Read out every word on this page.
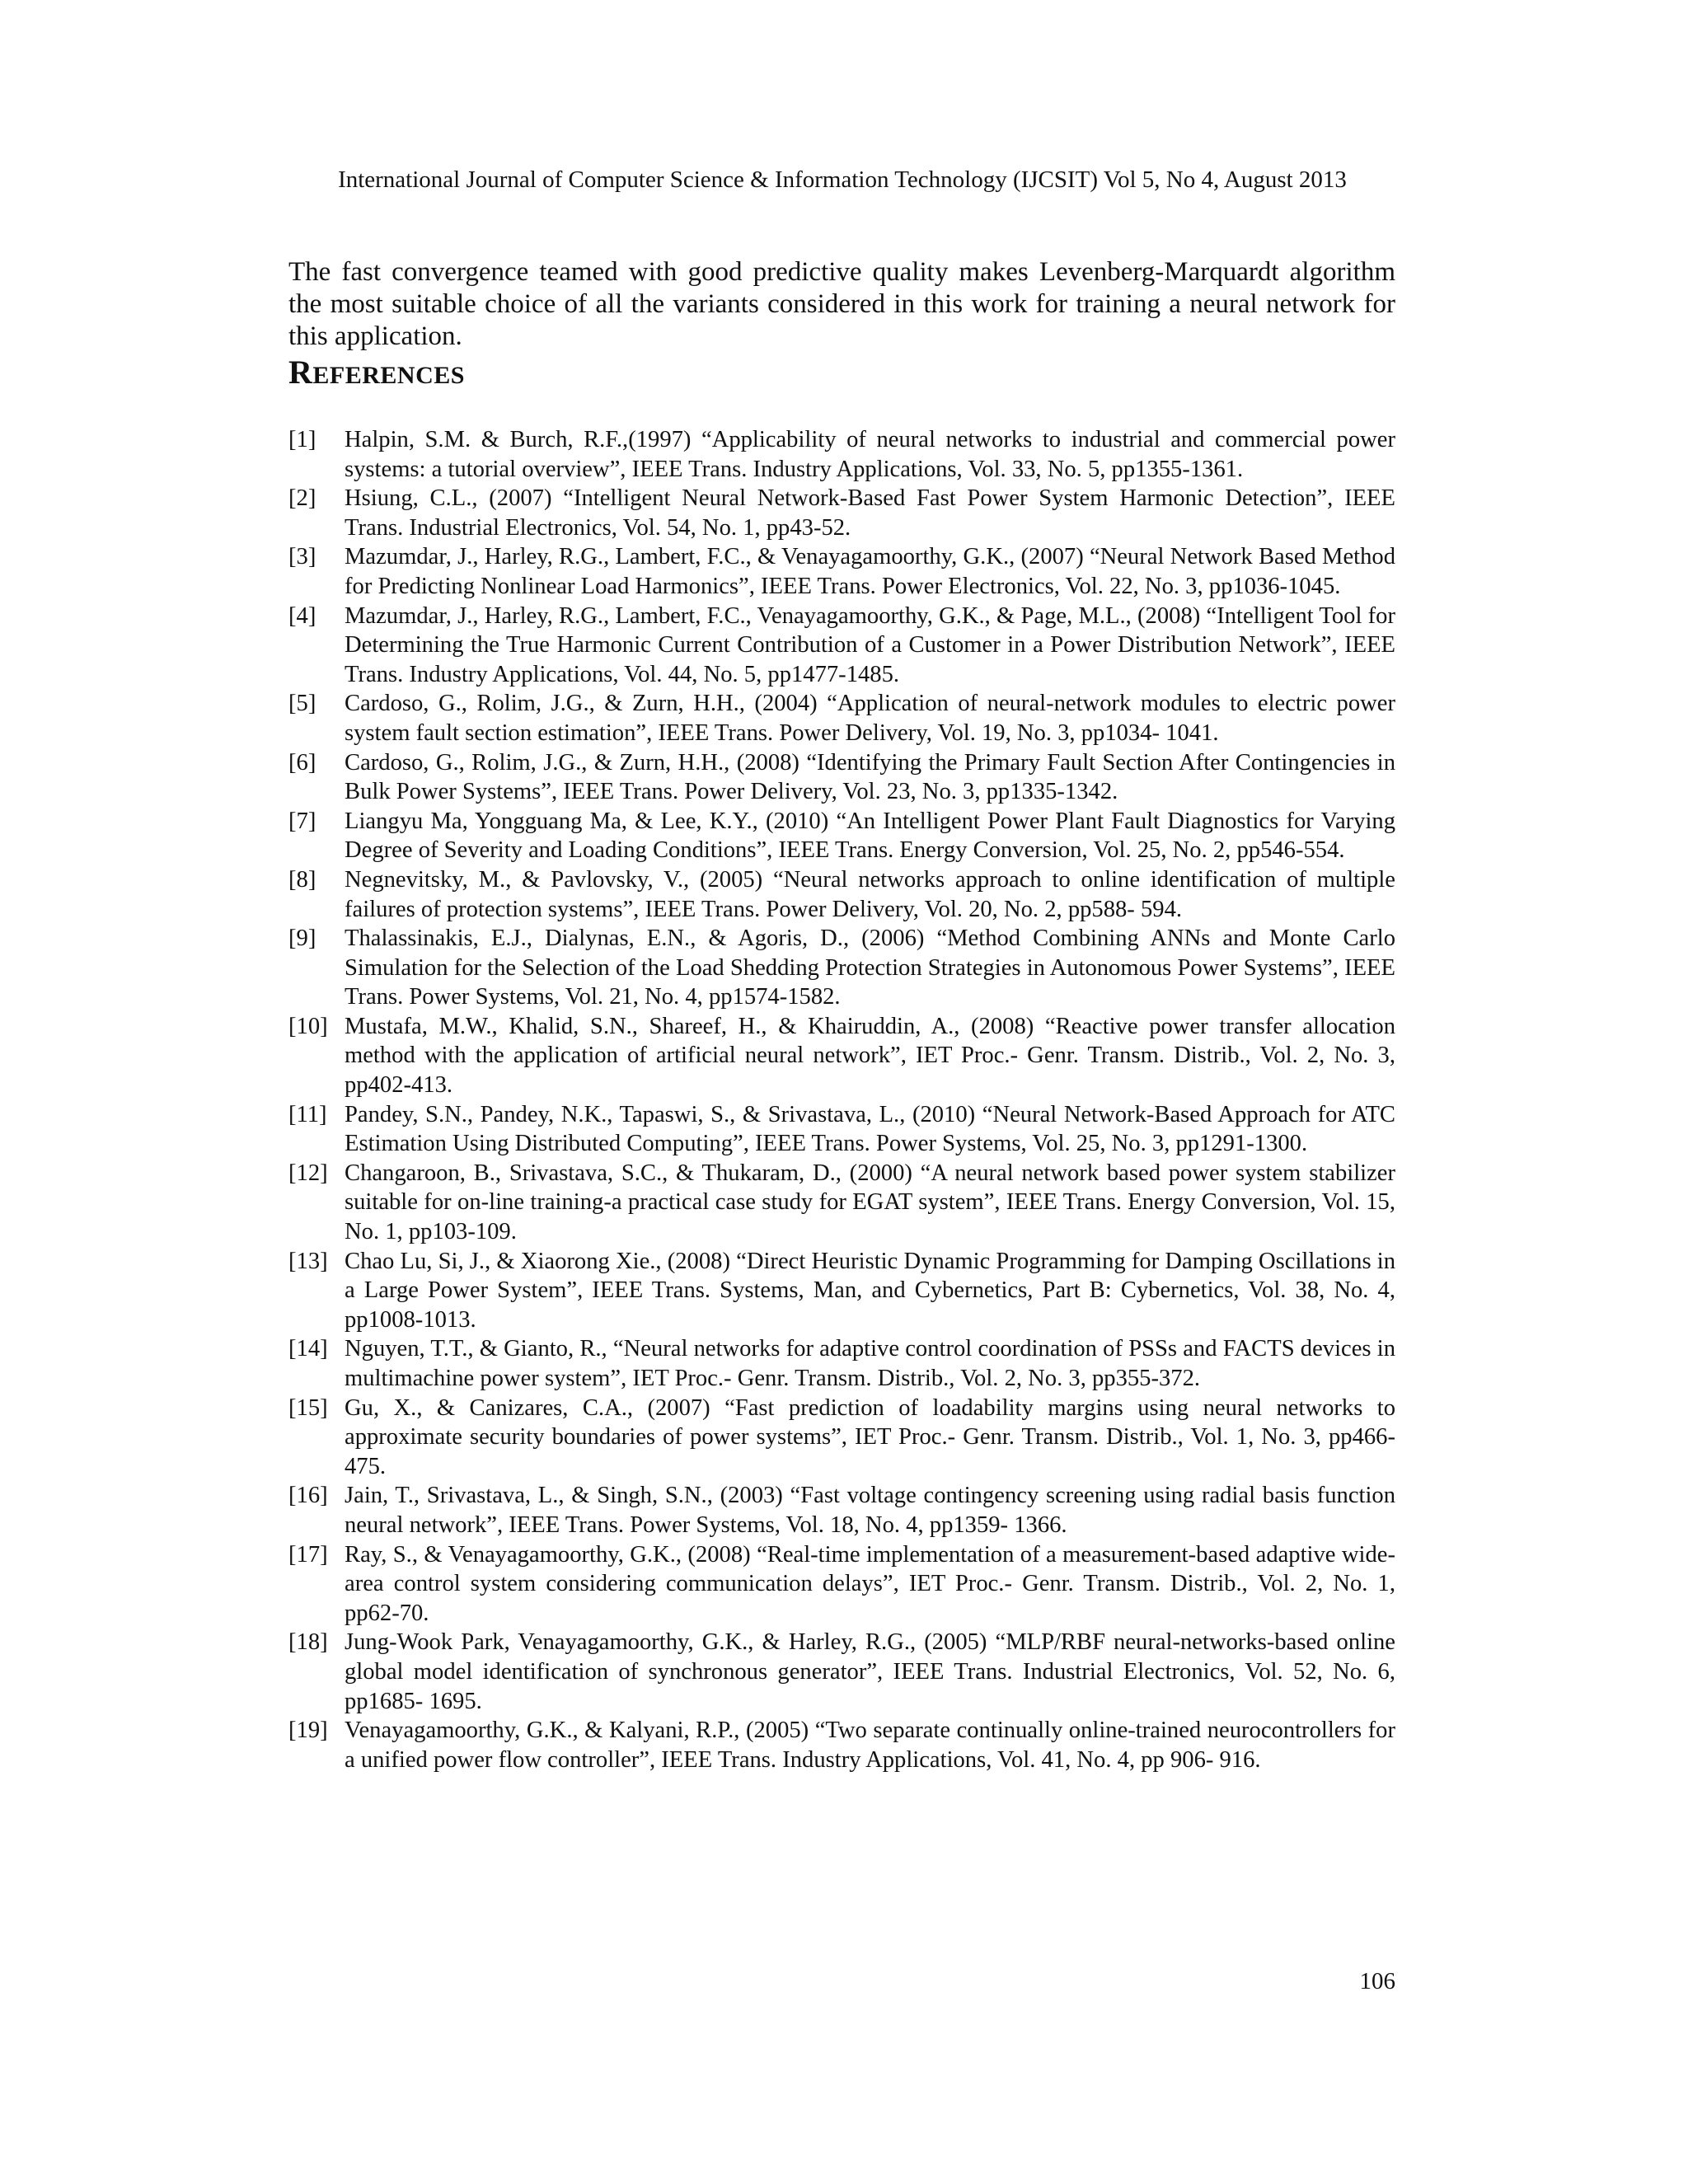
International Journal of Computer Science & Information Technology (IJCSIT) Vol 5, No 4, August 2013

The fast convergence teamed with good predictive quality makes Levenberg-Marquardt algorithm the most suitable choice of all the variants considered in this work for training a neural network for this application.

REFERENCES
[1] Halpin, S.M. & Burch, R.F.,(1997) “Applicability of neural networks to industrial and commercial power systems: a tutorial overview”, IEEE Trans. Industry Applications, Vol. 33, No. 5, pp1355-1361.
[2] Hsiung, C.L., (2007) “Intelligent Neural Network-Based Fast Power System Harmonic Detection”, IEEE Trans. Industrial Electronics, Vol. 54, No. 1, pp43-52.
[3] Mazumdar, J., Harley, R.G., Lambert, F.C., & Venayagamoorthy, G.K., (2007) “Neural Network Based Method for Predicting Nonlinear Load Harmonics”, IEEE Trans. Power Electronics, Vol. 22, No. 3, pp1036-1045.
[4] Mazumdar, J., Harley, R.G., Lambert, F.C., Venayagamoorthy, G.K., & Page, M.L., (2008) “Intelligent Tool for Determining the True Harmonic Current Contribution of a Customer in a Power Distribution Network”, IEEE Trans. Industry Applications, Vol. 44, No. 5, pp1477-1485.
[5] Cardoso, G., Rolim, J.G., & Zurn, H.H., (2004) “Application of neural-network modules to electric power system fault section estimation”, IEEE Trans. Power Delivery, Vol. 19, No. 3, pp1034- 1041.
[6] Cardoso, G., Rolim, J.G., & Zurn, H.H., (2008) “Identifying the Primary Fault Section After Contingencies in Bulk Power Systems”, IEEE Trans. Power Delivery, Vol. 23, No. 3, pp1335-1342.
[7] Liangyu Ma, Yongguang Ma, & Lee, K.Y., (2010) “An Intelligent Power Plant Fault Diagnostics for Varying Degree of Severity and Loading Conditions”, IEEE Trans. Energy Conversion, Vol. 25, No. 2, pp546-554.
[8] Negnevitsky, M., & Pavlovsky, V., (2005) “Neural networks approach to online identification of multiple failures of protection systems”, IEEE Trans. Power Delivery, Vol. 20, No. 2, pp588- 594.
[9] Thalassinakis, E.J., Dialynas, E.N., & Agoris, D., (2006) “Method Combining ANNs and Monte Carlo Simulation for the Selection of the Load Shedding Protection Strategies in Autonomous Power Systems”, IEEE Trans. Power Systems, Vol. 21, No. 4, pp1574-1582.
[10] Mustafa, M.W., Khalid, S.N., Shareef, H., & Khairuddin, A., (2008) “Reactive power transfer allocation method with the application of artificial neural network”, IET Proc.- Genr. Transm. Distrib., Vol. 2, No. 3, pp402-413.
[11] Pandey, S.N., Pandey, N.K., Tapaswi, S., & Srivastava, L., (2010) “Neural Network-Based Approach for ATC Estimation Using Distributed Computing”, IEEE Trans. Power Systems, Vol. 25, No. 3, pp1291-1300.
[12] Changaroon, B., Srivastava, S.C., & Thukaram, D., (2000) “A neural network based power system stabilizer suitable for on-line training-a practical case study for EGAT system”, IEEE Trans. Energy Conversion, Vol. 15, No. 1, pp103-109.
[13] Chao Lu, Si, J., & Xiaorong Xie., (2008) “Direct Heuristic Dynamic Programming for Damping Oscillations in a Large Power System”, IEEE Trans. Systems, Man, and Cybernetics, Part B: Cybernetics, Vol. 38, No. 4, pp1008-1013.
[14] Nguyen, T.T., & Gianto, R., “Neural networks for adaptive control coordination of PSSs and FACTS devices in multimachine power system”, IET Proc.- Genr. Transm. Distrib., Vol. 2, No. 3, pp355-372.
[15] Gu, X., & Canizares, C.A., (2007) “Fast prediction of loadability margins using neural networks to approximate security boundaries of power systems”, IET Proc.- Genr. Transm. Distrib., Vol. 1, No. 3, pp466-475.
[16] Jain, T., Srivastava, L., & Singh, S.N., (2003) “Fast voltage contingency screening using radial basis function neural network”, IEEE Trans. Power Systems, Vol. 18, No. 4, pp1359- 1366.
[17] Ray, S., & Venayagamoorthy, G.K., (2008) “Real-time implementation of a measurement-based adaptive wide-area control system considering communication delays”, IET Proc.- Genr. Transm. Distrib., Vol. 2, No. 1, pp62-70.
[18] Jung-Wook Park, Venayagamoorthy, G.K., & Harley, R.G., (2005) “MLP/RBF neural-networks-based online global model identification of synchronous generator”, IEEE Trans. Industrial Electronics, Vol. 52, No. 6, pp1685- 1695.
[19] Venayagamoorthy, G.K., & Kalyani, R.P., (2005) “Two separate continually online-trained neurocontrollers for a unified power flow controller”, IEEE Trans. Industry Applications, Vol. 41, No. 4, pp 906- 916.
106
